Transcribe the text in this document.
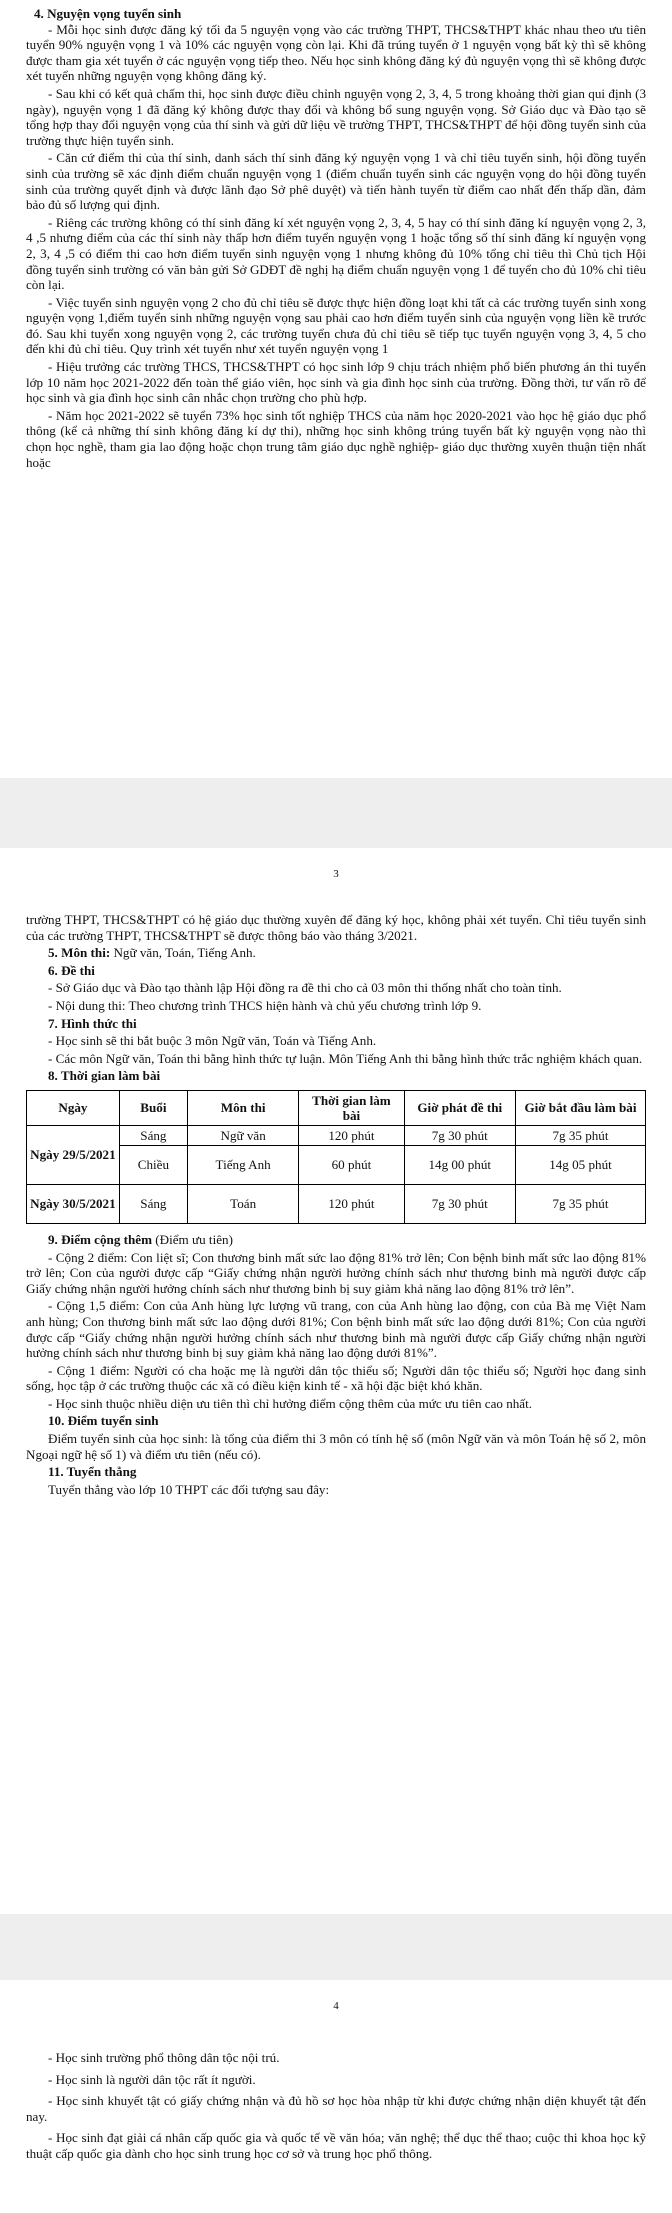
4. Nguyện vọng tuyển sinh

- Mỗi học sinh được đăng ký tối đa 5 nguyện vọng vào các trường THPT, THCS&THPT khác nhau theo ưu tiên tuyển 90% nguyện vọng 1 và 10% các nguyện vọng còn lại. Khi đã trúng tuyển ở 1 nguyện vọng bất kỳ thì sẽ không được tham gia xét tuyển ở các nguyện vọng tiếp theo. Nếu học sinh không đăng ký đủ nguyện vọng thì sẽ không được xét tuyển những nguyện vọng không đăng ký.

- Sau khi có kết quả chấm thi, học sinh được điều chỉnh nguyện vọng 2, 3, 4, 5 trong khoảng thời gian qui định (3 ngày), nguyện vọng 1 đã đăng ký không được thay đổi và không bổ sung nguyện vọng. Sở Giáo dục và Đào tạo sẽ tổng hợp thay đổi nguyện vọng của thí sinh và gửi dữ liệu về trường THPT, THCS&THPT để hội đồng tuyển sinh của trường thực hiện tuyển sinh.

- Căn cứ điểm thi của thí sinh, danh sách thí sinh đăng ký nguyện vọng 1 và chỉ tiêu tuyển sinh, hội đồng tuyển sinh của trường sẽ xác định điểm chuẩn nguyện vọng 1 (điểm chuẩn tuyển sinh các nguyện vọng do hội đồng tuyển sinh của trường quyết định và được lãnh đạo Sở phê duyệt) và tiến hành tuyển từ điểm cao nhất đến thấp dần, đảm bảo đủ số lượng qui định.

- Riêng các trường không có thí sinh đăng kí xét nguyện vọng 2, 3, 4, 5 hay có thí sinh đăng kí nguyện vọng 2, 3, 4 ,5 nhưng điểm của các thí sinh này thấp hơn điểm tuyển nguyện vọng 1 hoặc tổng số thí sinh đăng kí nguyện vọng 2, 3, 4 ,5 có điểm thi cao hơn điểm tuyển sinh nguyện vọng 1 nhưng không đủ 10% tổng chỉ tiêu thì Chủ tịch Hội đồng tuyển sinh trường có văn bản gửi Sở GDĐT đề nghị hạ điểm chuẩn nguyện vọng 1 để tuyển cho đủ 10% chỉ tiêu còn lại.

- Việc tuyển sinh nguyện vọng 2 cho đủ chỉ tiêu sẽ được thực hiện đồng loạt khi tất cả các trường tuyển sinh xong nguyện vọng 1,điểm tuyển sinh những nguyện vọng sau phải cao hơn điểm tuyển sinh của nguyện vọng liền kề trước đó. Sau khi tuyển xong nguyện vọng 2, các trường tuyển chưa đủ chỉ tiêu sẽ tiếp tục tuyển nguyện vọng 3, 4, 5 cho đến khi đủ chỉ tiêu. Quy trình xét tuyển như xét tuyển nguyện vọng 1

- Hiệu trưởng các trường THCS, THCS&THPT có học sinh lớp 9 chịu trách nhiệm phổ biến phương án thi tuyển lớp 10 năm học 2021-2022 đến toàn thể giáo viên, học sinh và gia đình học sinh của trường. Đồng thời, tư vấn rõ để học sinh và gia đình học sinh cân nhắc chọn trường cho phù hợp.

- Năm học 2021-2022 sẽ tuyển 73% học sinh tốt nghiệp THCS của năm học 2020-2021 vào học hệ giáo dục phổ thông (kể cả những thí sinh không đăng kí dự thi), những học sinh không trúng tuyển bất kỳ nguyện vọng nào thì chọn học nghề, tham gia lao động hoặc chọn trung tâm giáo dục nghề nghiệp- giáo dục thường xuyên thuận tiện nhất hoặc

3

trường THPT, THCS&THPT có hệ giáo dục thường xuyên để đăng ký học, không phải xét tuyển. Chỉ tiêu tuyển sinh của các trường THPT, THCS&THPT sẽ được thông báo vào tháng 3/2021.

5. Môn thi: Ngữ văn, Toán, Tiếng Anh.
6. Đề thi

- Sở Giáo dục và Đào tạo thành lập Hội đồng ra đề thi cho cả 03 môn thi thống nhất cho toàn tỉnh.

- Nội dung thi: Theo chương trình THCS hiện hành và chủ yếu chương trình lớp 9.

7. Hình thức thi

- Học sinh sẽ thi bắt buộc 3 môn Ngữ văn, Toán và Tiếng Anh.

- Các môn Ngữ văn, Toán thi bằng hình thức tự luận. Môn Tiếng Anh thi bằng hình thức trắc nghiệm khách quan.

8. Thời gian làm bài
Ngày	Buổi	Môn thi	Thời gian làm bài	Giờ phát đề thi	Giờ bắt đầu làm bài
Ngày 29/5/2021	Sáng	Ngữ văn	120 phút	7g 30 phút	7g 35 phút
	Chiều	Tiếng Anh	60 phút	14g 00 phút	14g 05 phút
Ngày 30/5/2021	Sáng	Toán	120 phút	7g 30 phút	7g 35 phút
9. Điểm cộng thêm (Điểm ưu tiên)

- Cộng 2 điểm: Con liệt sĩ; Con thương binh mất sức lao động 81% trở lên; Con bệnh binh mất sức lao động 81% trở lên; Con của người được cấp “Giấy chứng nhận người hưởng chính sách như thương binh mà người được cấp Giấy chứng nhận người hưởng chính sách như thương binh bị suy giảm khả năng lao động 81% trở lên”.

- Cộng 1,5 điểm: Con của Anh hùng lực lượng vũ trang, con của Anh hùng lao động, con của Bà mẹ Việt Nam anh hùng; Con thương binh mất sức lao động dưới 81%; Con bệnh binh mất sức lao động dưới 81%; Con của người được cấp “Giấy chứng nhận người hưởng chính sách như thương binh mà người được cấp Giấy chứng nhận người hưởng chính sách như thương binh bị suy giảm khả năng lao động dưới 81%”.

- Cộng 1 điểm: Người có cha hoặc mẹ là người dân tộc thiểu số; Người dân tộc thiểu số; Người học đang sinh sống, học tập ở các trường thuộc các xã có điều kiện kinh tế - xã hội đặc biệt khó khăn.

- Học sinh thuộc nhiều diện ưu tiên thì chỉ hưởng điểm cộng thêm của mức ưu tiên cao nhất.

10. Điểm tuyển sinh

Điểm tuyển sinh của học sinh: là tổng của điểm thi 3 môn có tính hệ số (môn Ngữ văn và môn Toán hệ số 2, môn Ngoại ngữ hệ số 1) và điểm ưu tiên (nếu có).

11. Tuyển thẳng

Tuyển thẳng vào lớp 10 THPT các đối tượng sau đây:

4

- Học sinh trường phổ thông dân tộc nội trú.

- Học sinh là người dân tộc rất ít người.

- Học sinh khuyết tật có giấy chứng nhận và đủ hồ sơ học hòa nhập từ khi được chứng nhận diện khuyết tật đến nay.

- Học sinh đạt giải cá nhân cấp quốc gia và quốc tế về văn hóa; văn nghệ; thể dục thể thao; cuộc thi khoa học kỹ thuật cấp quốc gia dành cho học sinh trung học cơ sở và trung học phổ thông.
